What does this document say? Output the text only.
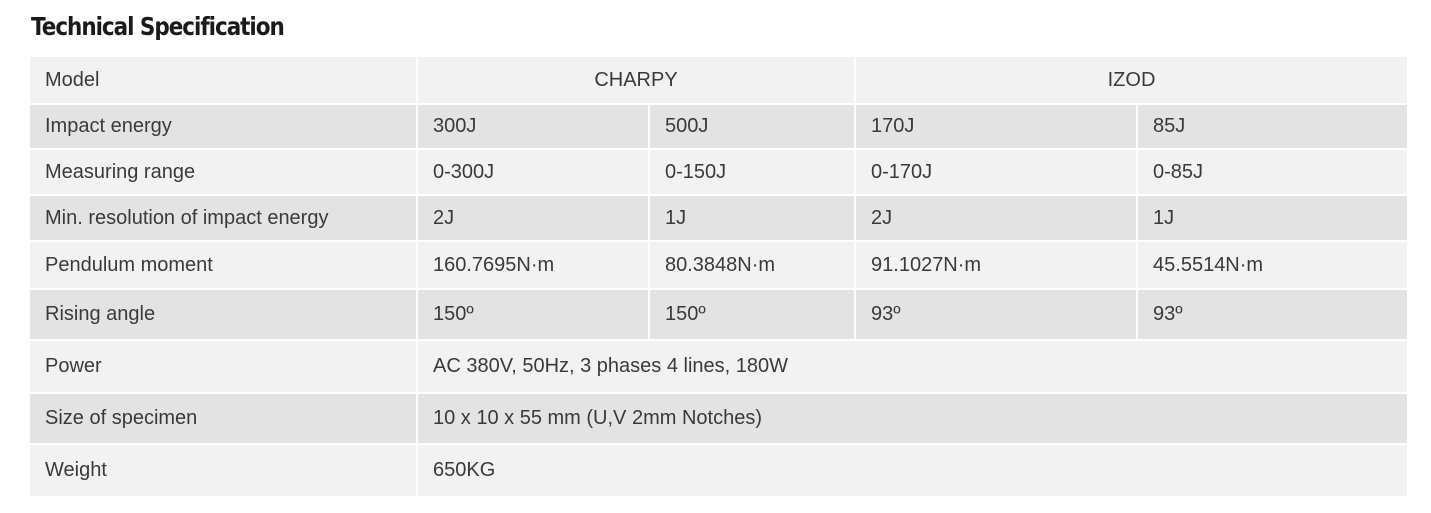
Technical Specification
Model	CHARPY		IZOD	
Impact energy	300J	500J	170J	85J
Measuring range	0-300J	0-150J	0-170J	0-85J
Min. resolution of impact energy	2J	1J	2J	1J
Pendulum moment	160.7695N·m	80.3848N·m	91.1027N·m	45.5514N·m
Rising angle	150º	150º	93º	93º
Power	AC 380V, 50Hz, 3 phases 4 lines, 180W			
Size of specimen	10 x 10 x 55 mm (U,V 2mm Notches)			
Weight	650KG			
